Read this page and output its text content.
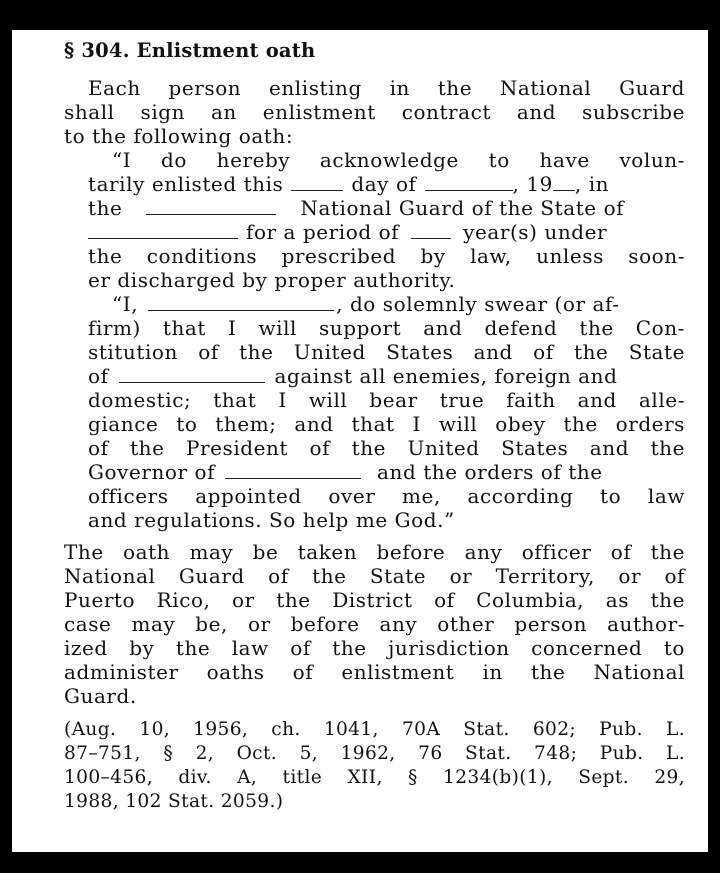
§ 304. Enlistment oath
Each person enlisting in the National Guard
shall sign an enlistment contract and subscribe
to the following oath:
“I do hereby acknowledge to have volun-
tarily enlisted this	day of	, 19 , in
the	National Guard of the State of
for a period of	year(s) under
the conditions prescribed by law, unless soon-
er discharged by proper authority.
“I,	, do solemnly swear (or af-
firm) that I will support and defend the Con-
stitution of the United States and of the State
of	against all enemies, foreign and
domestic; that I will bear true faith and alle-
giance to them; and that I will obey the orders
of the President of the United States and the
Governor of	and the orders of the
officers appointed over me, according to law
and regulations. So help me God.”
The oath may be taken before any officer of the
National Guard of the State or Territory, or of
Puerto Rico, or the District of Columbia, as the
case may be, or before any other person author-
ized by the law of the jurisdiction concerned to
administer oaths of enlistment in the National
Guard.
(Aug. 10, 1956, ch. 1041, 70A Stat. 602; Pub. L.
87–751, § 2, Oct. 5, 1962, 76 Stat. 748; Pub. L.
100–456, div. A, title XII, § 1234(b)(1), Sept. 29,
1988, 102 Stat. 2059.)
